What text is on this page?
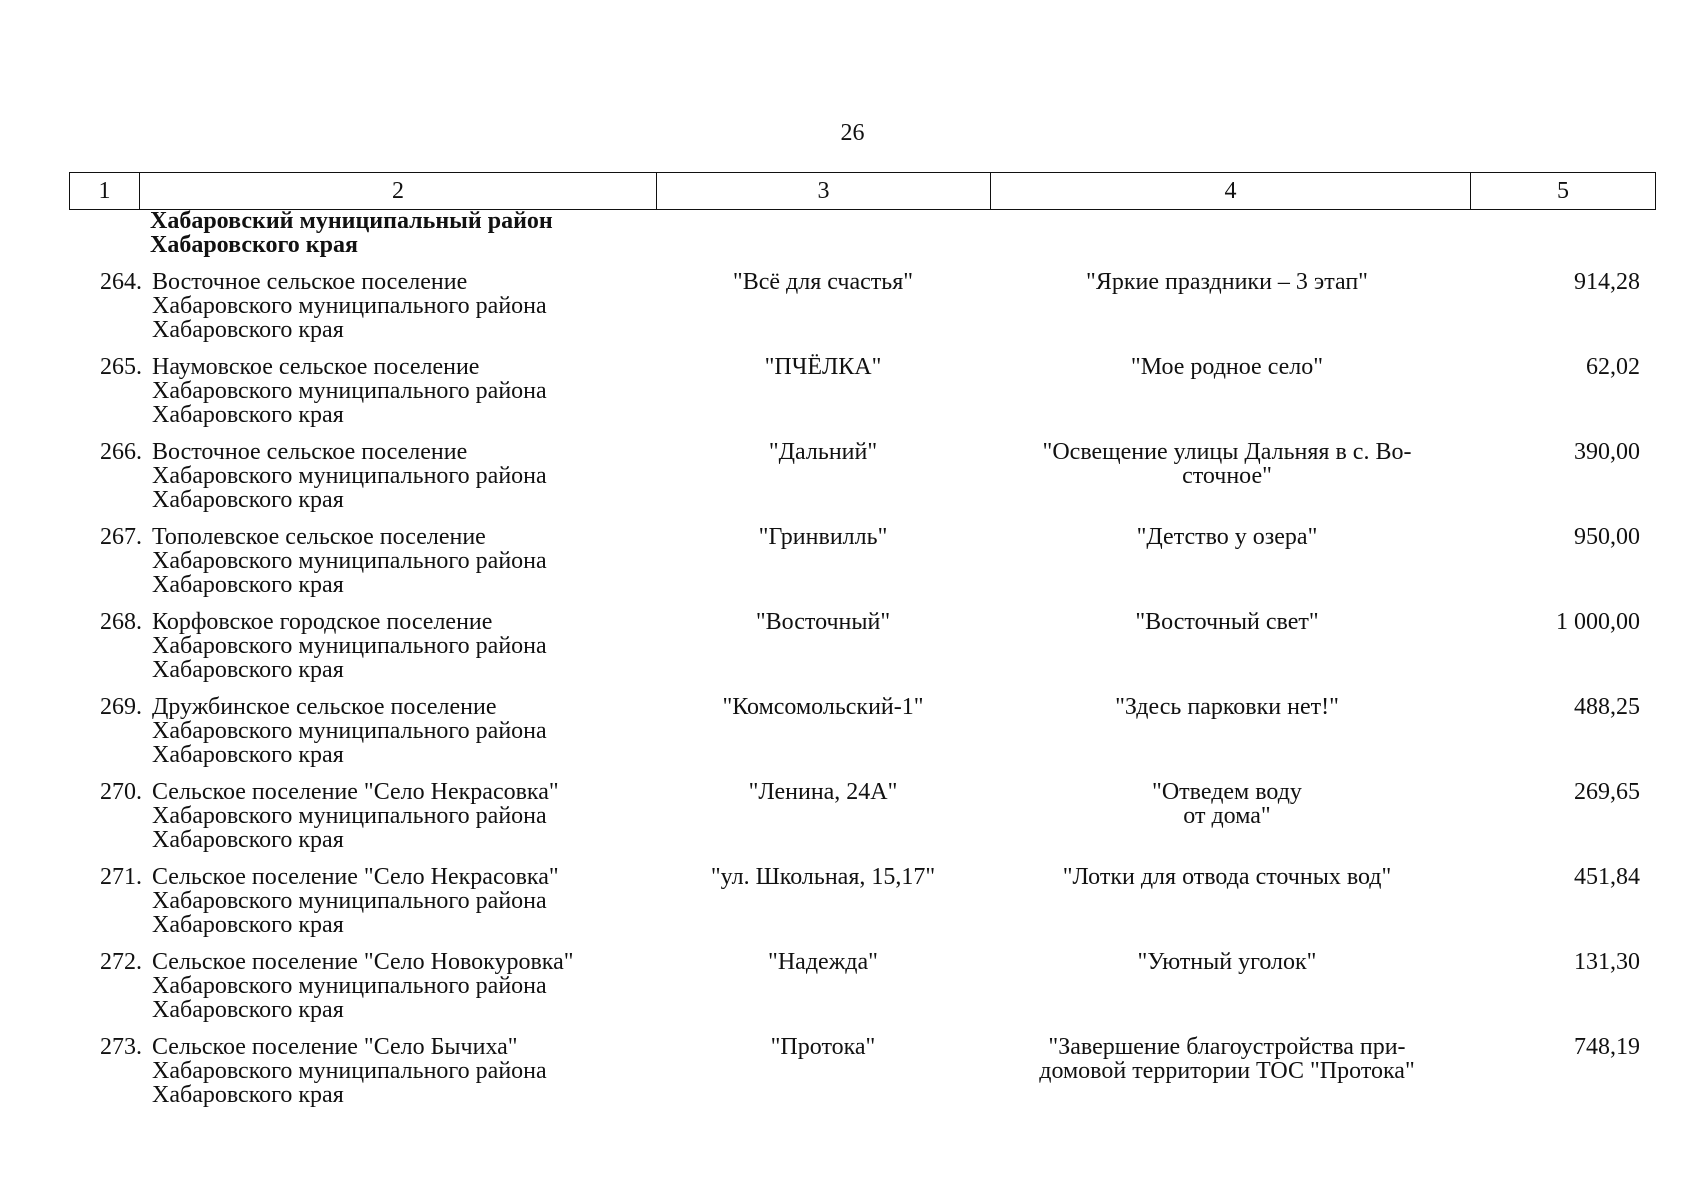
26
1	2	3	4	5
Хабаровский муниципальный район
Хабаровского края
264. Восточное сельское поселение
Хабаровского муниципального района
Хабаровского края
"Всё для счастья"	"Яркие праздники – 3 этап"	914,28
265. Наумовское сельское поселение
Хабаровского муниципального района
Хабаровского края
"ПЧЁЛКА"	"Мое родное село"	62,02
266. Восточное сельское поселение
Хабаровского муниципального района
Хабаровского края
"Дальний"	"Освещение улицы Дальняя в с. Во-
сточное"
390,00
267. Тополевское сельское поселение
Хабаровского муниципального района
Хабаровского края
"Гринвилль"	"Детство у озера"	950,00
268. Корфовское городское поселение
Хабаровского муниципального района
Хабаровского края
"Восточный"	"Восточный свет"	1 000,00
269. Дружбинское сельское поселение
Хабаровского муниципального района
Хабаровского края
"Комсомольский-1"	"Здесь парковки нет!"	488,25
270. Сельское поселение "Село Некрасовка"
Хабаровского муниципального района
Хабаровского края
"Ленина, 24А"	"Отведем воду
от дома"
269,65
271. Сельское поселение "Село Некрасовка"
Хабаровского муниципального района
Хабаровского края
"ул. Школьная, 15,17"	"Лотки для отвода сточных вод"	451,84
272. Сельское поселение "Село Новокуровка"
Хабаровского муниципального района
Хабаровского края
"Надежда"	"Уютный уголок"	131,30
273. Сельское поселение "Село Бычиха"
Хабаровского муниципального района
Хабаровского края
"Протока"	"Завершение благоустройства при-
домовой территории ТОС "Протока"
748,19
